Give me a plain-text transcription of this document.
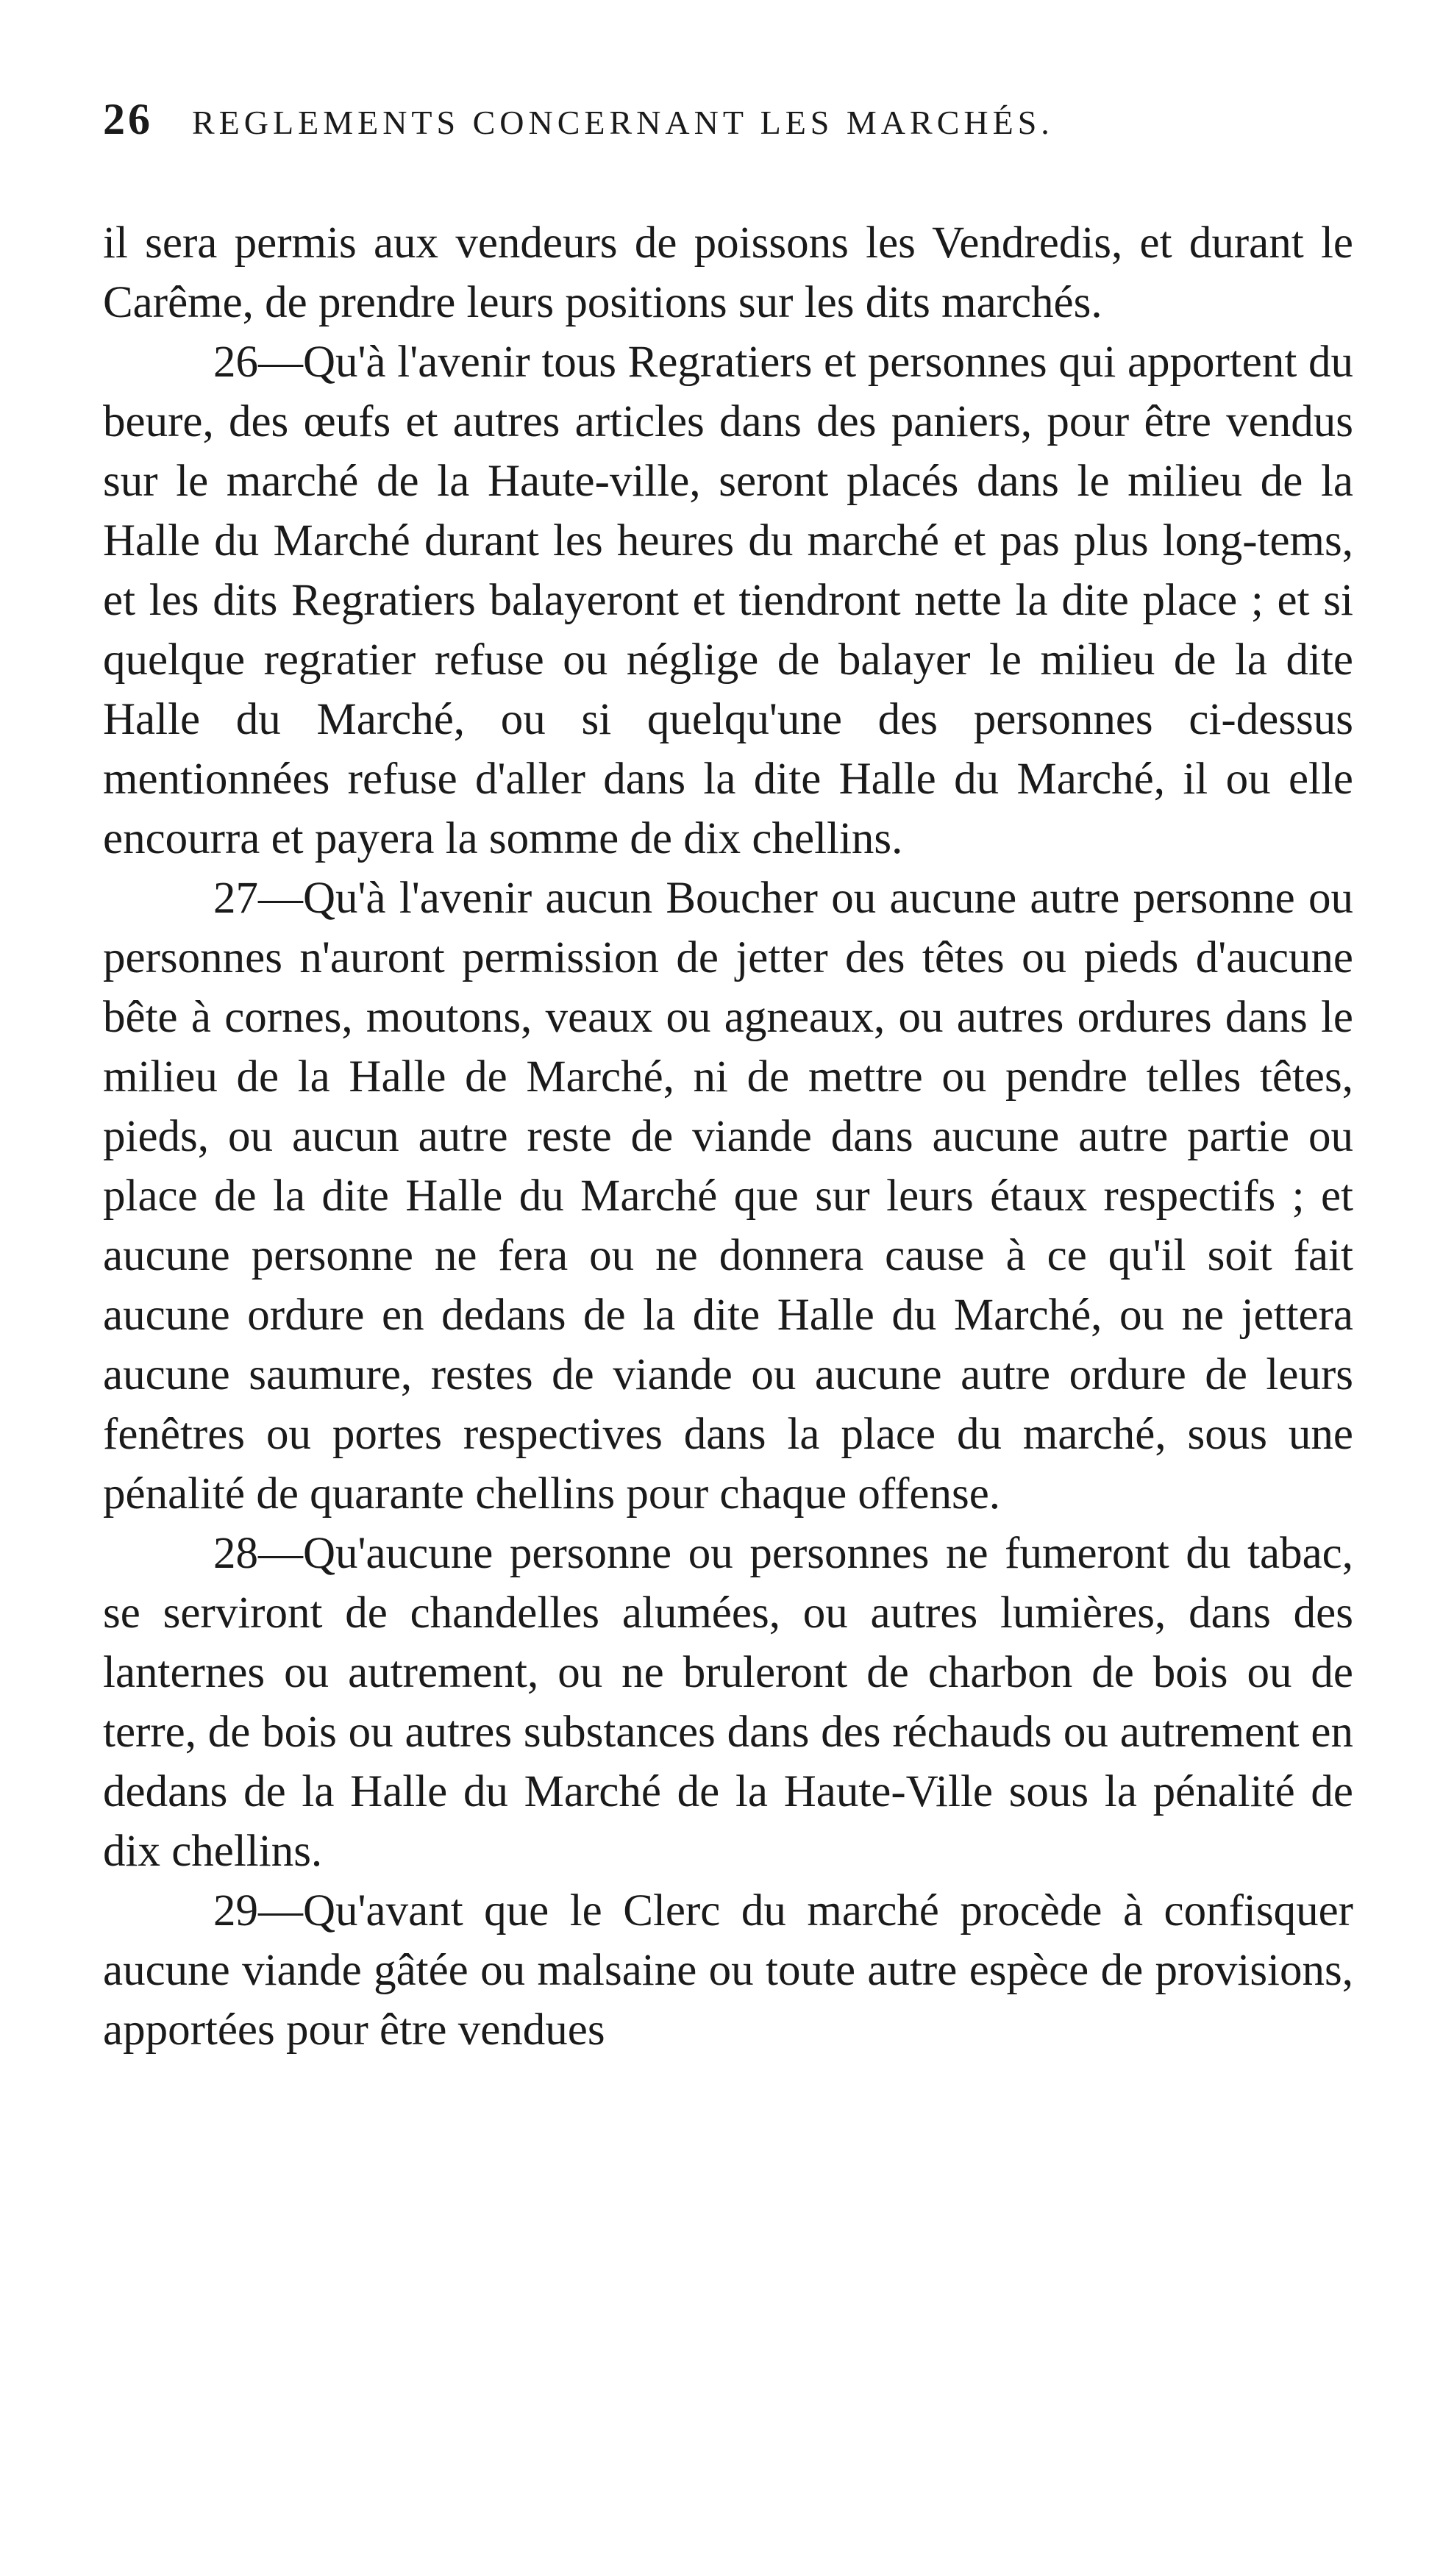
26 REGLEMENTS CONCERNANT LES MARCHÉS.

il sera permis aux vendeurs de poissons les Vendredis, et durant le Carême, de prendre leurs positions sur les dits marchés.

26—Qu'à l'avenir tous Regratiers et personnes qui apportent du beure, des œufs et autres articles dans des paniers, pour être vendus sur le marché de la Haute-ville, seront placés dans le milieu de la Halle du Marché durant les heures du marché et pas plus long-tems, et les dits Regratiers balayeront et tiendront nette la dite place ; et si quelque regratier refuse ou néglige de balayer le milieu de la dite Halle du Marché, ou si quelqu'une des personnes ci-dessus mentionnées refuse d'aller dans la dite Halle du Marché, il ou elle encourra et payera la somme de dix chellins.

27—Qu'à l'avenir aucun Boucher ou aucune autre personne ou personnes n'auront permission de jetter des têtes ou pieds d'aucune bête à cornes, moutons, veaux ou agneaux, ou autres ordures dans le milieu de la Halle de Marché, ni de mettre ou pendre telles têtes, pieds, ou aucun autre reste de viande dans aucune autre partie ou place de la dite Halle du Marché que sur leurs étaux respectifs ; et aucune personne ne fera ou ne donnera cause à ce qu'il soit fait aucune ordure en dedans de la dite Halle du Marché, ou ne jettera aucune saumure, restes de viande ou aucune autre ordure de leurs fenêtres ou portes respectives dans la place du marché, sous une pénalité de quarante chellins pour chaque offense.

28—Qu'aucune personne ou personnes ne fumeront du tabac, se serviront de chandelles alumées, ou autres lumières, dans des lanternes ou autrement, ou ne bruleront de charbon de bois ou de terre, de bois ou autres substances dans des réchauds ou autrement en dedans de la Halle du Marché de la Haute-Ville sous la pénalité de dix chellins.

29—Qu'avant que le Clerc du marché procède à confisquer aucune viande gâtée ou malsaine ou toute autre espèce de provisions, apportées pour être vendues
